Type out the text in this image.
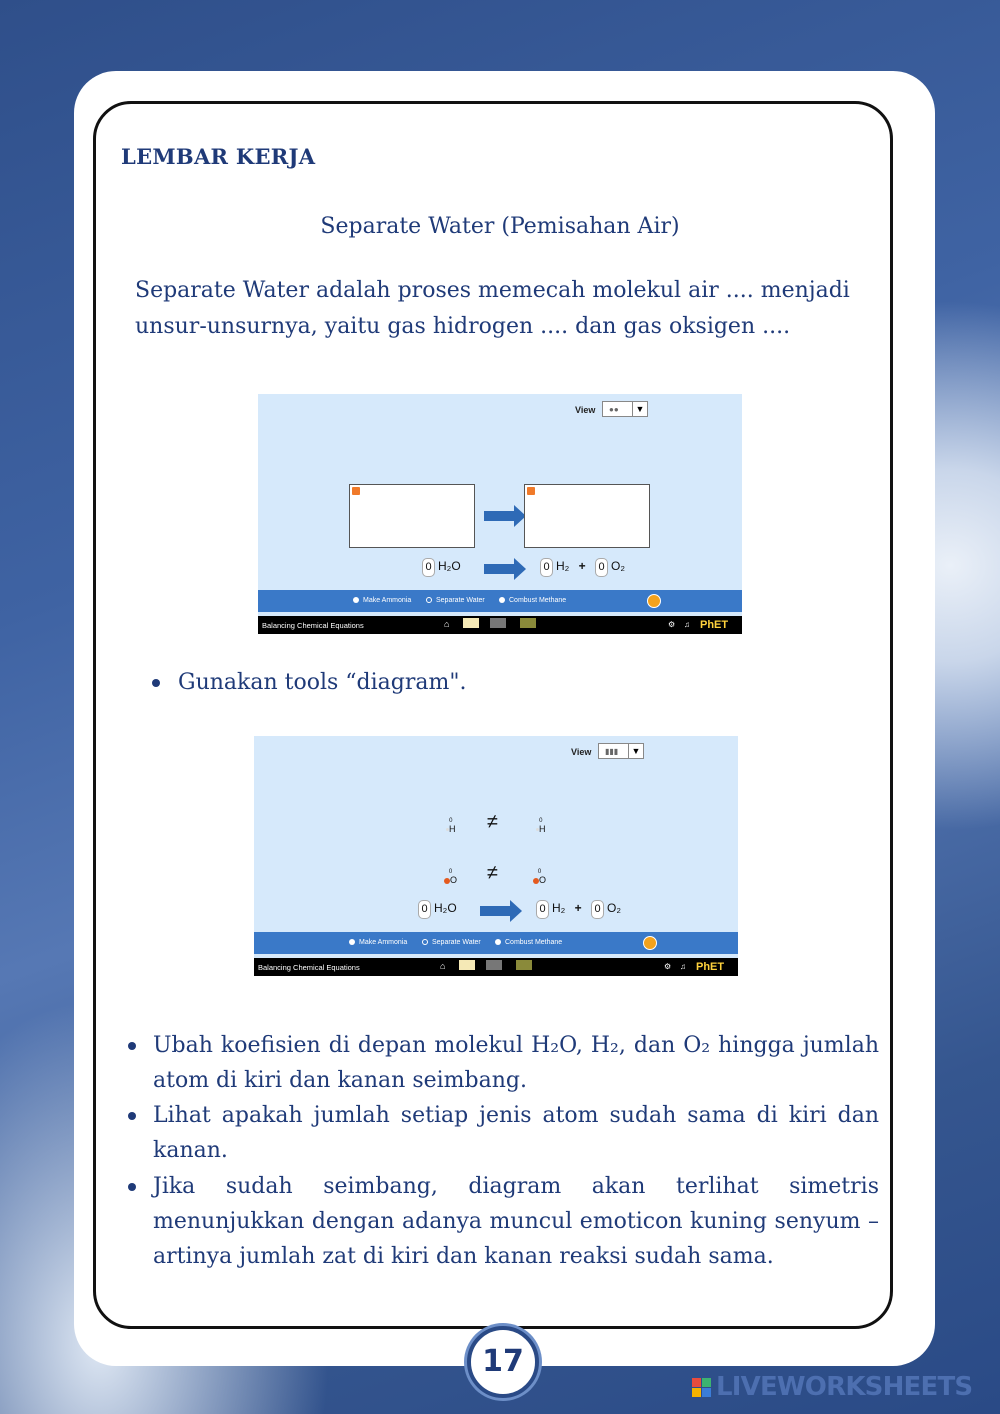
LEMBAR KERJA
Separate Water (Pemisahan Air)
Separate Water adalah proses memecah molekul air .... menjadi unsur-unsurnya, yaitu gas hidrogen .... dan gas oksigen ....
View ●●	▼
0 H₂O	0 H₂ + 0 O₂
Make Ammonia	Separate Water	Combust Methane
Balancing Chemical Equations	⌂	⚙ ♫ PhET
Gunakan tools “diagram".
View ▮▮▮	▼
0
H ≠	0
H
0
O ≠	0
O
0 H₂O	0 H₂ + 0 O₂
Make Ammonia	Separate Water	Combust Methane
Balancing Chemical Equations	⌂	⚙ ♫ PhET
Ubah koefisien di depan molekul H₂O, H₂, dan O₂ hingga jumlah atom di kiri dan kanan seimbang.
Lihat apakah jumlah setiap jenis atom sudah sama di kiri dan kanan.
Jika sudah seimbang, diagram akan terlihat simetris menunjukkan dengan adanya muncul emoticon kuning senyum – artinya jumlah zat di kiri dan kanan reaksi sudah sama.
17
LIVEWORKSHEETS
